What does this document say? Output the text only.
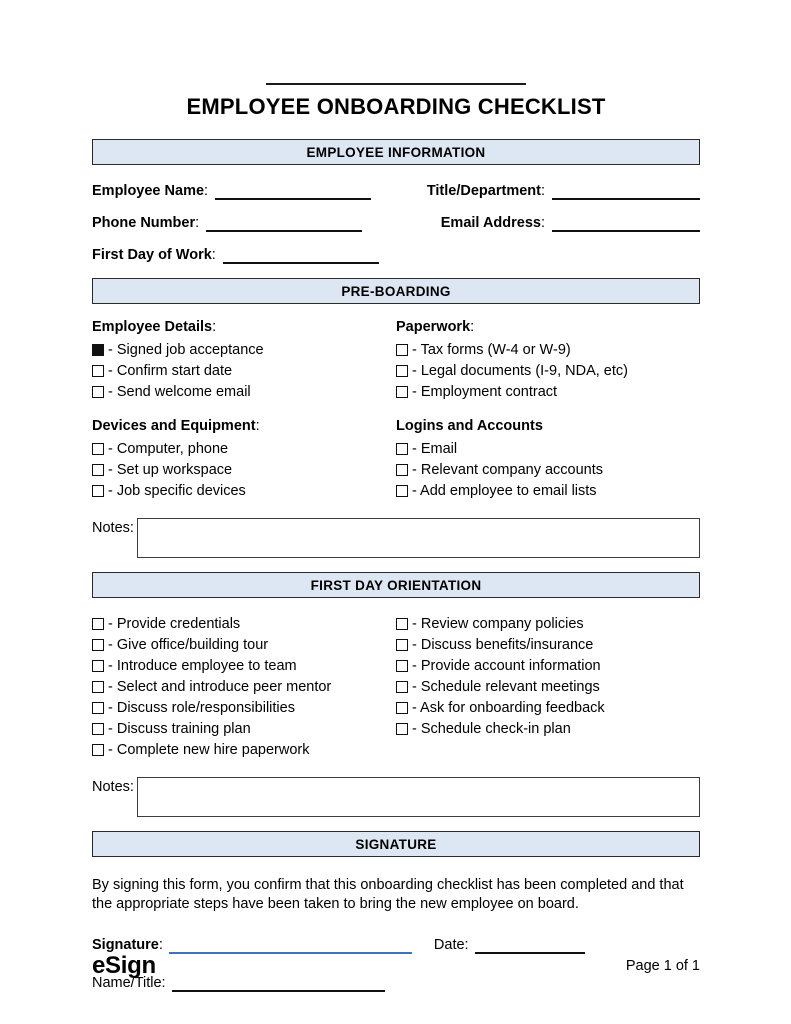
EMPLOYEE ONBOARDING CHECKLIST
EMPLOYEE INFORMATION
Employee Name:	Title/Department:
Phone Number:	Email Address:
First Day of Work:
PRE-BOARDING
Employee Details:
- Signed job acceptance
- Confirm start date
- Send welcome email
Paperwork:
- Tax forms (W-4 or W-9)
- Legal documents (I-9, NDA, etc)
- Employment contract
Devices and Equipment:
- Computer, phone
- Set up workspace
- Job specific devices
Logins and Accounts
- Email
- Relevant company accounts
- Add employee to email lists
Notes:
FIRST DAY ORIENTATION
- Provide credentials
- Give office/building tour
- Introduce employee to team
- Select and introduce peer mentor
- Discuss role/responsibilities
- Discuss training plan
- Complete new hire paperwork
- Review company policies
- Discuss benefits/insurance
- Provide account information
- Schedule relevant meetings
- Ask for onboarding feedback
- Schedule check-in plan
Notes:
SIGNATURE
By signing this form, you confirm that this onboarding checklist has been completed and that the appropriate steps have been taken to bring the new employee on board.
Signature:	Date:
Name/Title:
eSign	Page 1 of 1
